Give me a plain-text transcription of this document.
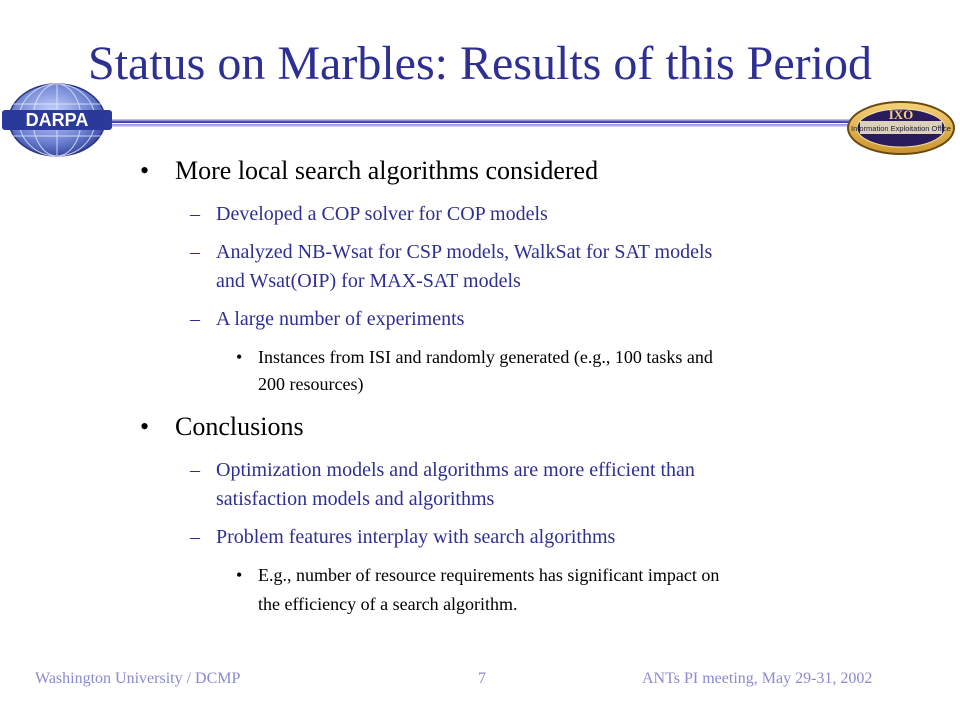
Status on Marbles: Results of this Period
DARPA	Information Exploitation Office
IXO
• More local search algorithms considered
– Developed a COP solver for COP models
– Analyzed NB-Wsat for CSP models, WalkSat for SAT models
and Wsat(OIP) for MAX-SAT models
– A large number of experiments
• Instances from ISI and randomly generated (e.g., 100 tasks and
200 resources)
• Conclusions
– Optimization models and algorithms are more efficient than
satisfaction models and algorithms
– Problem features interplay with search algorithms
• E.g., number of resource requirements has significant impact on
the efficiency of a search algorithm.
Washington University / DCMP	7	ANTs PI meeting, May 29-31, 2002
